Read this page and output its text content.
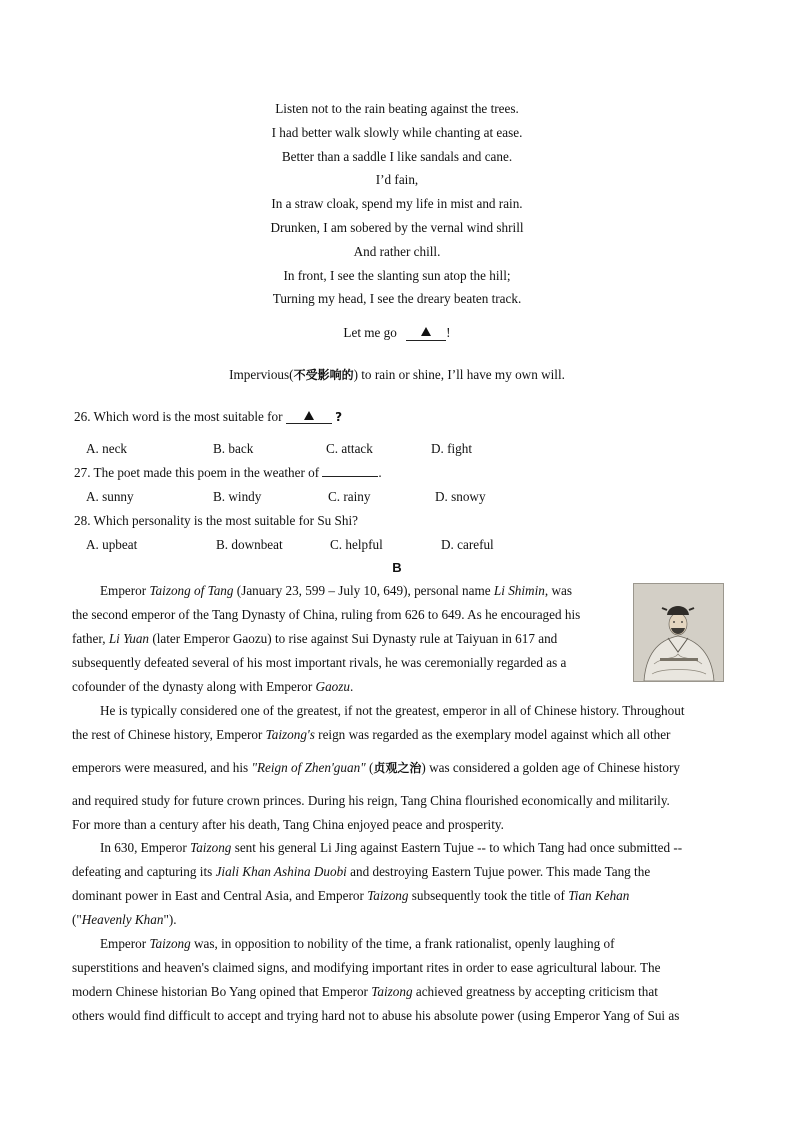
Listen not to the rain beating against the trees.
I had better walk slowly while chanting at ease.
Better than a saddle I like sandals and cane.
I’d fain,
In a straw cloak, spend my life in mist and rain.
Drunken, I am sobered by the vernal wind shrill
And rather chill.
In front, I see the slanting sun atop the hill;
Turning my head, I see the dreary beaten track.
Let me go	!
Impervious(不受影响的) to rain or shine, I’ll have my own will.
26. Which word is the most suitable for	?
A. neck	B. back	C. attack	D. fight
27. The poet made this poem in the weather of	.
A. sunny	B. windy	C. rainy	D. snowy
28. Which personality is the most suitable for Su Shi?
A. upbeat	B. downbeat	C. helpful	D. careful
B
Emperor Taizong of Tang (January 23, 599 – July 10, 649), personal name Li Shimin, was
the second emperor of the Tang Dynasty of China, ruling from 626 to 649. As he encouraged his
father, Li Yuan (later Emperor Gaozu) to rise against Sui Dynasty rule at Taiyuan in 617 and
subsequently defeated several of his most important rivals, he was ceremonially regarded as a
cofounder of the dynasty along with Emperor Gaozu.
He is typically considered one of the greatest, if not the greatest, emperor in all of Chinese history. Throughout
the rest of Chinese history, Emperor Taizong's reign was regarded as the exemplary model against which all other
emperors were measured, and his "Reign of Zhen'guan" (贞观之治) was considered a golden age of Chinese history
and required study for future crown princes. During his reign, Tang China flourished economically and militarily.
For more than a century after his death, Tang China enjoyed peace and prosperity.
In 630, Emperor Taizong sent his general Li Jing against Eastern Tujue -- to which Tang had once submitted --
defeating and capturing its Jiali Khan Ashina Duobi and destroying Eastern Tujue power. This made Tang the
dominant power in East and Central Asia, and Emperor Taizong subsequently took the title of Tian Kehan
("Heavenly Khan").
Emperor Taizong was, in opposition to nobility of the time, a frank rationalist, openly laughing of
superstitions and heaven's claimed signs, and modifying important rites in order to ease agricultural labour. The
modern Chinese historian Bo Yang opined that Emperor Taizong achieved greatness by accepting criticism that
others would find difficult to accept and trying hard not to abuse his absolute power (using Emperor Yang of Sui as
